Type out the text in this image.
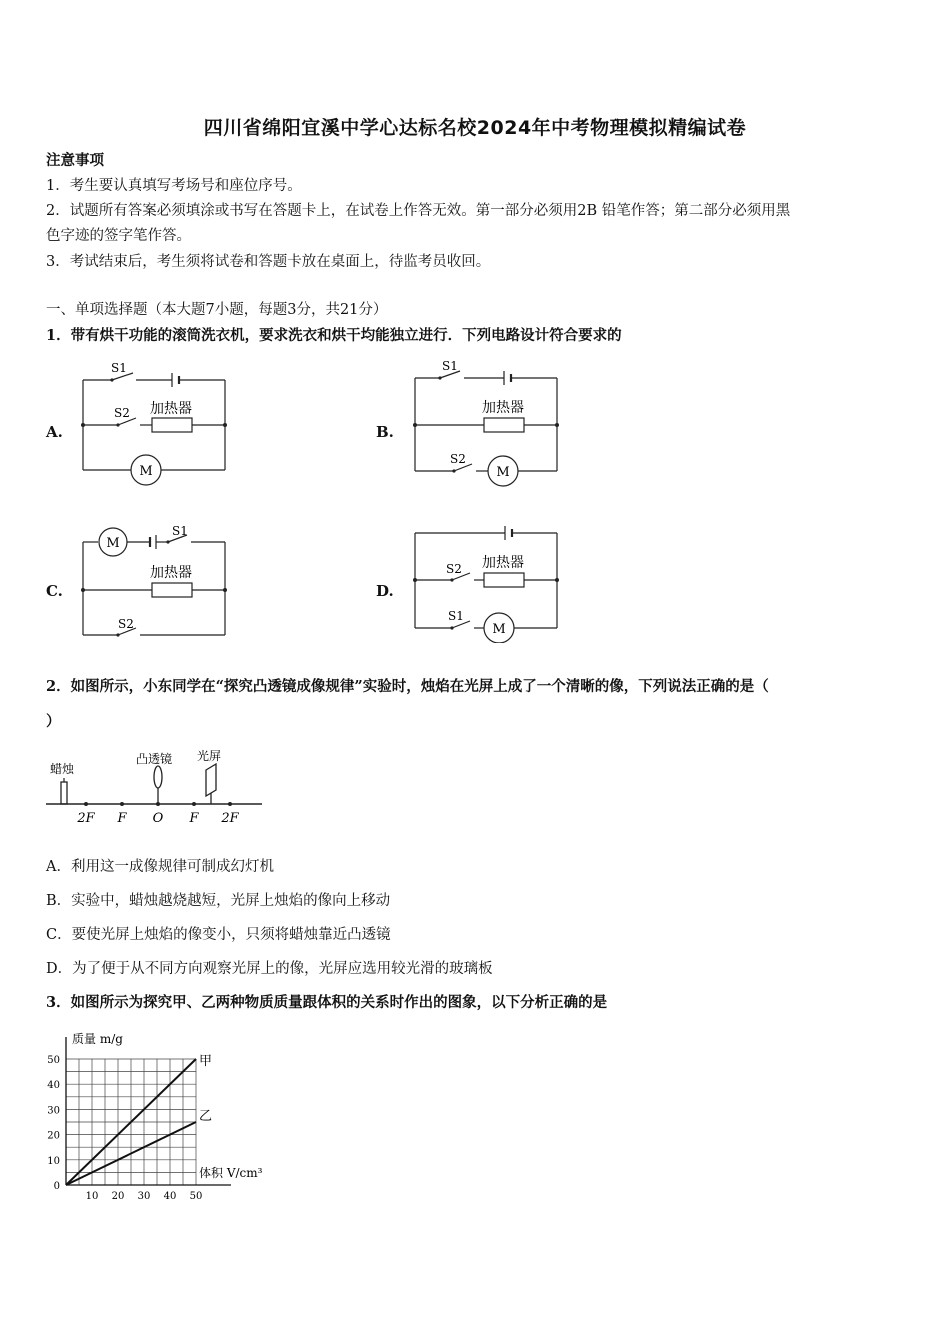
四川省绵阳宜溪中学心达标名校2024年中考物理模拟精编试卷
注意事项
1．考生要认真填写考场号和座位序号。
2．试题所有答案必须填涂或书写在答题卡上，在试卷上作答无效。第一部分必须用2B 铅笔作答；第二部分必须用黑
色字迹的签字笔作答。
3．考试结束后，考生须将试卷和答题卡放在桌面上，待监考员收回。
一、单项选择题（本大题7小题，每题3分，共21分）
1．带有烘干功能的滚筒洗衣机，要求洗衣和烘干均能独立进行．下列电路设计符合要求的
A.	B.
C.	D.
S1
S2 加热器
M
S1
S2
加热器
M
S1
S2
加热器
M
S2
S1
加热器
M
2．如图所示，小东同学在“探究凸透镜成像规律”实验时，烛焰在光屏上成了一个清晰的像，下列说法正确的是（
）
蜡烛
凸透镜 光屏
2F F O F 2F
A．利用这一成像规律可制成幻灯机
B．实验中，蜡烛越烧越短，光屏上烛焰的像向上移动
C．要使光屏上烛焰的像变小，只须将蜡烛靠近凸透镜
D．为了便于从不同方向观察光屏上的像，光屏应选用较光滑的玻璃板
3．如图所示为探究甲、乙两种物质质量跟体积的关系时作出的图象，以下分析正确的是
10 20 30 40 50
0
10
20
30
40
50
质量 m/g
体积 V/cm³
甲
乙
